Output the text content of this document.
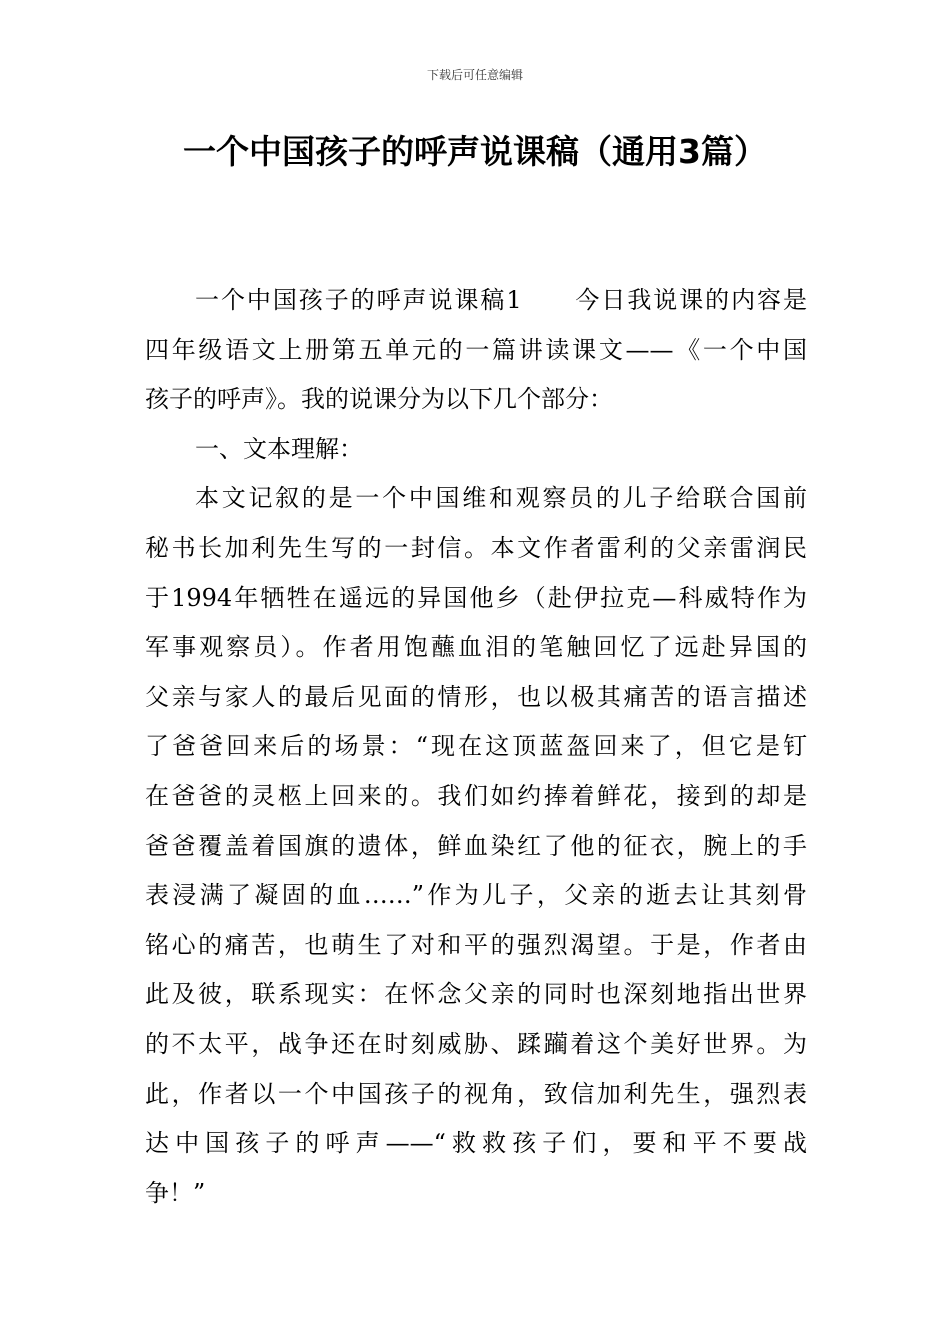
下载后可任意编辑
一个中国孩子的呼声说课稿（通用3篇）
一个中国孩子的呼声说课稿1　　今日我说课的内容是
四年级语文上册第五单元的一篇讲读课文——《一个中国
孩子的呼声》。我的说课分为以下几个部分：
一、文本理解：
本文记叙的是一个中国维和观察员的儿子给联合国前
秘书长加利先生写的一封信。本文作者雷利的父亲雷润民
于1994年牺牲在遥远的异国他乡（赴伊拉克—科威特作为
军事观察员）。作者用饱蘸血泪的笔触回忆了远赴异国的
父亲与家人的最后见面的情形，也以极其痛苦的语言描述
了爸爸回来后的场景：“现在这顶蓝盔回来了，但它是钉
在爸爸的灵柩上回来的。我们如约捧着鲜花，接到的却是
爸爸覆盖着国旗的遗体，鲜血染红了他的征衣，腕上的手
表浸满了凝固的血……”作为儿子，父亲的逝去让其刻骨
铭心的痛苦，也萌生了对和平的强烈渴望。于是，作者由
此及彼，联系现实：在怀念父亲的同时也深刻地指出世界
的不太平，战争还在时刻威胁、蹂躏着这个美好世界。为
此，作者以一个中国孩子的视角，致信加利先生，强烈表
达中国孩子的呼声——“救救孩子们，要和平不要战
争！”
